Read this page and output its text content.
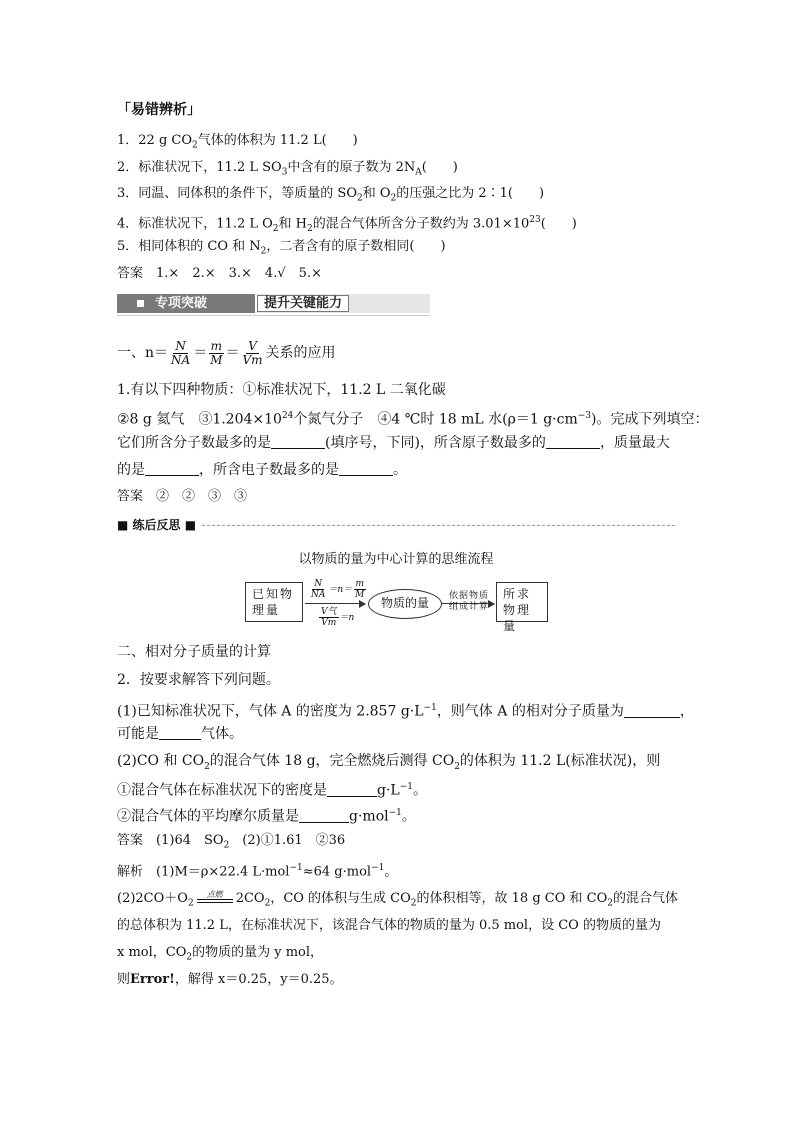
「易错辨析」
1．22 g $CO_2$气体的体积为 11.2 L(　　)
2．标准状况下，11.2 L $SO_3$中含有的原子数为 $2N_A$(　　)
3．同温、同体积的条件下，等质量的 $SO_2$和 $O_2$的压强之比为 2∶1(　　)
4．标准状况下，11.2 L $O_2$和 $H_2$的混合气体所含分子数约为 $3.01\times 10^{23}$(　　)
5．相同体积的 CO 和 $N_2$，二者含有的原子数相同(　　)
答案　 1.×　2.×　3.×　4.√　5.×
专项突破	提升关键能力
一、$n= \frac{N}{NA} = \frac{m}{M} = \frac{V}{Vm}$ 关系的应用
1.有以下四种物质：①标准状况下，11.2 L 二氧化碳
②8 g 氦气　$③1.204\times 10^{24}$个氮气分子　④4 ℃时 18 mL 水(ρ＝1 $g\cdot cm^{-3}$)。完成下列填空：
它们所含分子数最多的是	(填序号，下同)，所含原子数最多的	，质量最大
的是	，所含电子数最多的是	。
答案　 ②　②　③　③
■ 练后反思 ■
以物质的量为中心计算的思维流程
已知物理量
$\frac{N}{NA} =n= \frac{m}{M}$
$\frac{\text{V气}}{Vm} =n$
物质的量	依据物质组成计算
所求物理量
二、相对分子质量的计算
2．按要求解答下列问题。
(1)已知标准状况下，气体 A 的密度为 2.857 $g\cdot L^{-1}$，则气体 A 的相对分子质量为	，
可能是	气体。
(2)CO 和 $CO_2$的混合气体 18 g，完全燃烧后测得 $CO_2$的体积为 11.2 L(标准状况)，则
①混合气体在标准状况下的密度是	$g\cdot L^{-1}$。
②混合气体的平均摩尔质量是	g·mol$^{-1}$。
答案　 (1)64　$SO_2$　(2)①1.61　②36
解析　 (1)M＝ρ×22.4 L·mol$^{-1}$≈64 g·mol$^{-1}$。
$(2)2CO+O_2$
点燃	$2CO_2$，CO 的体积与生成 $CO_2$的体积相等，故 18 g CO 和 $CO_2$的混合气体
的总体积为 11.2 L，在标准状况下，该混合气体的物质的量为 0.5 mol，设 CO 的物质的量为
x mol，$CO_2$的物质的量为 y mol，
则Error!，解得 x＝0.25，y＝0.25。
